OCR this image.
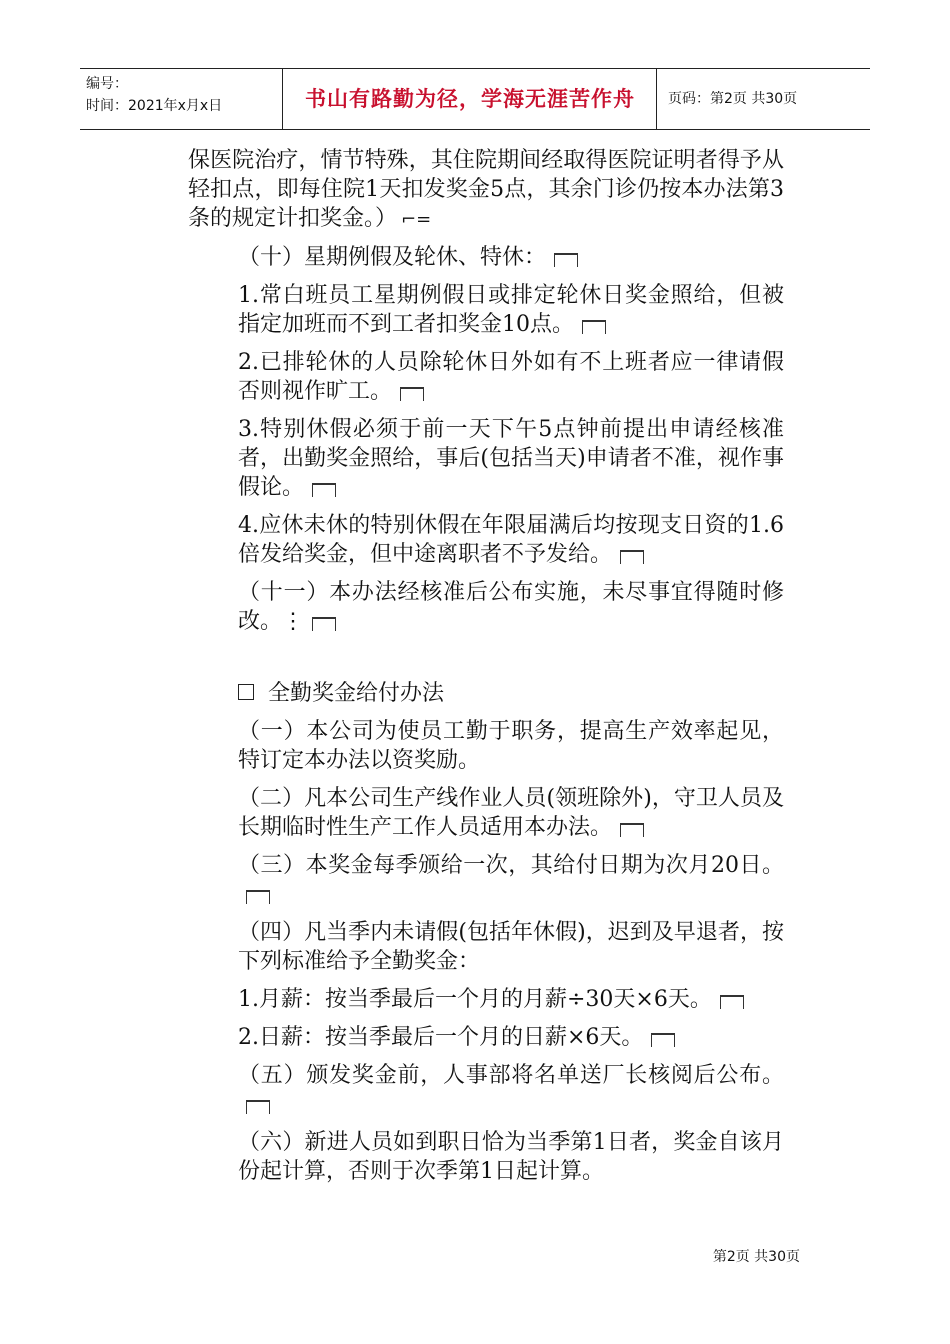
编号：
时间：2021年x月x日	书山有路勤为径，学海无涯苦作舟	页码：第2页 共30页

保医院治疗，情节特殊，其住院期间经取得医院证明者得予从轻扣点，即每住院1天扣发奖金5点，其余门诊仍按本办法第3条的规定计扣奖金。） ⌐=

（十）星期例假及轮休、特休：

1.常白班员工星期例假日或排定轮休日奖金照给，但被指定加班而不到工者扣奖金10点。

2.已排轮休的人员除轮休日外如有不上班者应一律请假否则视作旷工。

3.特别休假必须于前一天下午5点钟前提出申请经核准者，出勤奖金照给，事后(包括当天)申请者不准，视作事假论。

4.应休未休的特别休假在年限届满后均按现支日资的1.6倍发给奖金，但中途离职者不予发给。

（十一）本办法经核准后公布实施，未尽事宜得随时修改。⋮

全勤奖金给付办法

（一）本公司为使员工勤于职务，提高生产效率起见，特订定本办法以资奖励。

（二）凡本公司生产线作业人员(领班除外)，守卫人员及长期临时性生产工作人员适用本办法。

（三）本奖金每季颁给一次，其给付日期为次月20日。

（四）凡当季内未请假(包括年休假)，迟到及早退者，按下列标准给予全勤奖金：

1.月薪：按当季最后一个月的月薪÷30天×6天。

2.日薪：按当季最后一个月的日薪×6天。

（五）颁发奖金前，人事部将名单送厂长核阅后公布。

（六）新进人员如到职日恰为当季第1日者，奖金自该月份起计算，否则于次季第1日起计算。

第2页 共30页
